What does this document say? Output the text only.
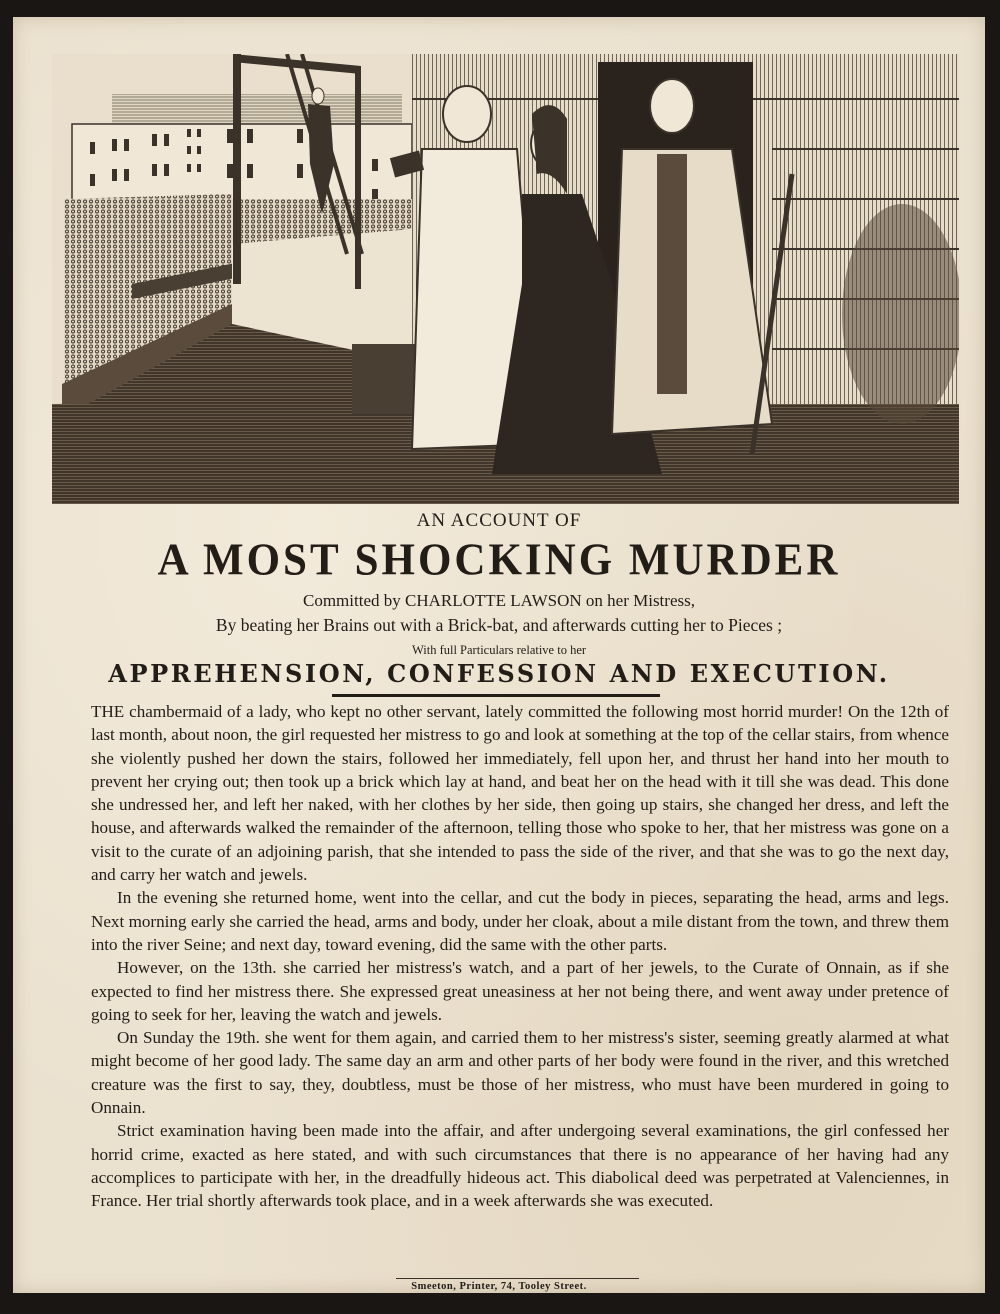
AN ACCOUNT OF
A MOST SHOCKING MURDER
Committed by CHARLOTTE LAWSON on her Mistress,
By beating her Brains out with a Brick-bat, and afterwards cutting her to Pieces ;
With full Particulars relative to her
APPREHENSION, CONFESSION AND EXECUTION.

THE chambermaid of a lady, who kept no other servant, lately committed the following most horrid murder! On the 12th of last month, about noon, the girl requested her mistress to go and look at something at the top of the cellar stairs, from whence she violently pushed her down the stairs, followed her immediately, fell upon her, and thrust her hand into her mouth to prevent her crying out; then took up a brick which lay at hand, and beat her on the head with it till she was dead. This done she undressed her, and left her naked, with her clothes by her side, then going up stairs, she changed her dress, and left the house, and afterwards walked the remainder of the afternoon, telling those who spoke to her, that her mistress was gone on a visit to the curate of an adjoining parish, that she intended to pass the side of the river, and that she was to go the next day, and carry her watch and jewels.

In the evening she returned home, went into the cellar, and cut the body in pieces, separating the head, arms and legs. Next morning early she carried the head, arms and body, under her cloak, about a mile distant from the town, and threw them into the river Seine; and next day, toward evening, did the same with the other parts.

However, on the 13th. she carried her mistress's watch, and a part of her jewels, to the Curate of Onnain, as if she expected to find her mistress there. She expressed great uneasiness at her not being there, and went away under pretence of going to seek for her, leaving the watch and jewels.

On Sunday the 19th. she went for them again, and carried them to her mistress's sister, seeming greatly alarmed at what might become of her good lady. The same day an arm and other parts of her body were found in the river, and this wretched creature was the first to say, they, doubtless, must be those of her mistress, who must have been murdered in going to Onnain.

Strict examination having been made into the affair, and after undergoing several examinations, the girl confessed her horrid crime, exacted as here stated, and with such circumstances that there is no appearance of her having had any accomplices to participate with her, in the dreadfully hideous act. This diabolical deed was perpetrated at Valenciennes, in France. Her trial shortly afterwards took place, and in a week afterwards she was executed.

Smeeton, Printer, 74, Tooley Street.
